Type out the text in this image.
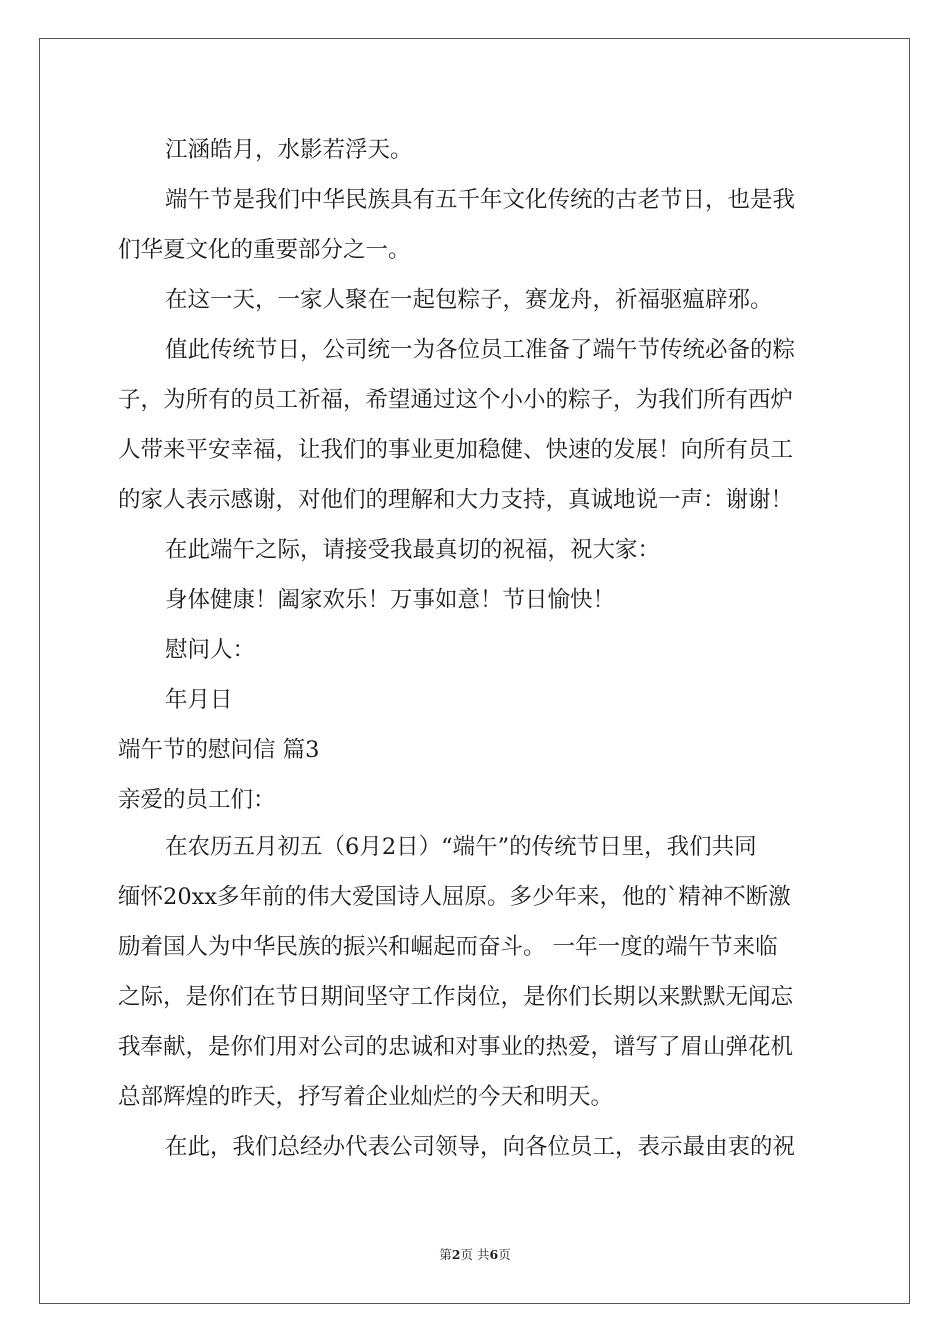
江涵皓月，水影若浮天。
端午节是我们中华民族具有五千年文化传统的古老节日，也是我
们华夏文化的重要部分之一。
在这一天，一家人聚在一起包粽子，赛龙舟，祈福驱瘟辟邪。
值此传统节日，公司统一为各位员工准备了端午节传统必备的粽
子，为所有的员工祈福，希望通过这个小小的粽子，为我们所有西炉
人带来平安幸福，让我们的事业更加稳健、快速的发展！向所有员工
的家人表示感谢，对他们的理解和大力支持，真诚地说一声：谢谢！
在此端午之际，请接受我最真切的祝福，祝大家：
身体健康！阖家欢乐！万事如意！节日愉快！
慰问人：
年月日
端午节的慰问信 篇3
亲爱的员工们：
在农历五月初五（6月2日）“端午”的传统节日里，我们共同
缅怀20xx多年前的伟大爱国诗人屈原。多少年来，他的`精神不断激
励着国人为中华民族的振兴和崛起而奋斗。 一年一度的端午节来临
之际，是你们在节日期间坚守工作岗位，是你们长期以来默默无闻忘
我奉献，是你们用对公司的忠诚和对事业的热爱，谱写了眉山弹花机
总部辉煌的昨天，抒写着企业灿烂的今天和明天。
在此，我们总经办代表公司领导，向各位员工，表示最由衷的祝
第2页 共6页
